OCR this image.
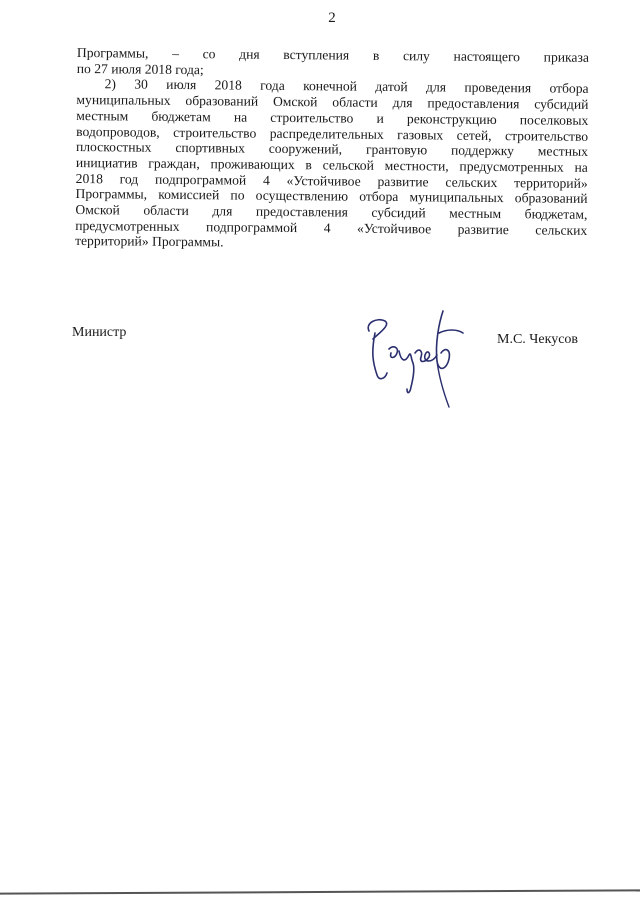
2
Программы, – со дня вступления в силу настоящего приказа
по 27 июля 2018 года;
2) 30 июля 2018 года конечной датой для проведения отбора
муниципальных образований Омской области для предоставления субсидий
местным бюджетам на строительство и реконструкцию поселковых
водопроводов, строительство распределительных газовых сетей, строительство
плоскостных спортивных сооружений, грантовую поддержку местных
инициатив граждан, проживающих в сельской местности, предусмотренных на
2018 год подпрограммой 4 «Устойчивое развитие сельских территорий»
Программы, комиссией по осуществлению отбора муниципальных образований
Омской области для предоставления субсидий местным бюджетам,
предусмотренных подпрограммой 4 «Устойчивое развитие сельских
территорий» Программы.
Министр	М.С. Чекусов
